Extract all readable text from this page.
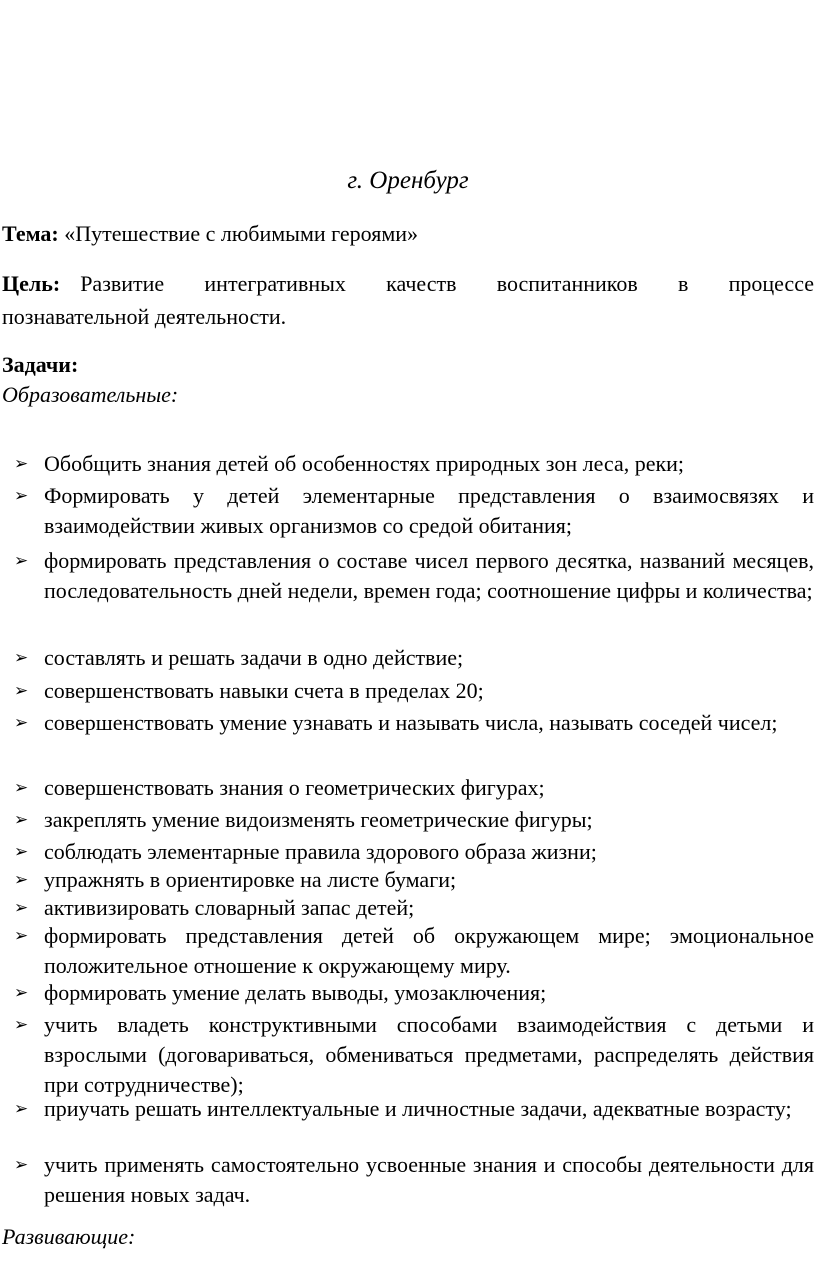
г. Оренбург
Тема: «Путешествие с любимыми героями»
Цель: Развитие интегративных качеств воспитанников в процессе
познавательной деятельности.
Задачи:
Образовательные:
➢ Обобщить знания детей об особенностях природных зон леса, реки;
➢ Формировать у детей элементарные представления о взаимосвязях и взаимодействии живых организмов со средой обитания;
➢ формировать представления о составе чисел первого десятка, названий месяцев, последовательность дней недели, времен года; соотношение цифры и количества;
➢ составлять и решать задачи в одно действие;
➢ совершенствовать навыки счета в пределах 20;
➢ совершенствовать умение узнавать и называть числа, называть соседей чисел;
➢ совершенствовать знания о геометрических фигурах;
➢ закреплять умение видоизменять геометрические фигуры;
➢ соблюдать элементарные правила здорового образа жизни;
➢ упражнять в ориентировке на листе бумаги;
➢ активизировать словарный запас детей;
➢ формировать представления детей об окружающем мире; эмоциональное положительное отношение к окружающему миру.
➢ формировать умение делать выводы, умозаключения;
➢ учить владеть конструктивными способами взаимодействия с детьми и взрослыми (договариваться, обмениваться предметами, распределять действия при сотрудничестве);
➢ приучать решать интеллектуальные и личностные задачи, адекватные возрасту;
➢ учить применять самостоятельно усвоенные знания и способы деятельности для решения новых задач.
Развивающие:
